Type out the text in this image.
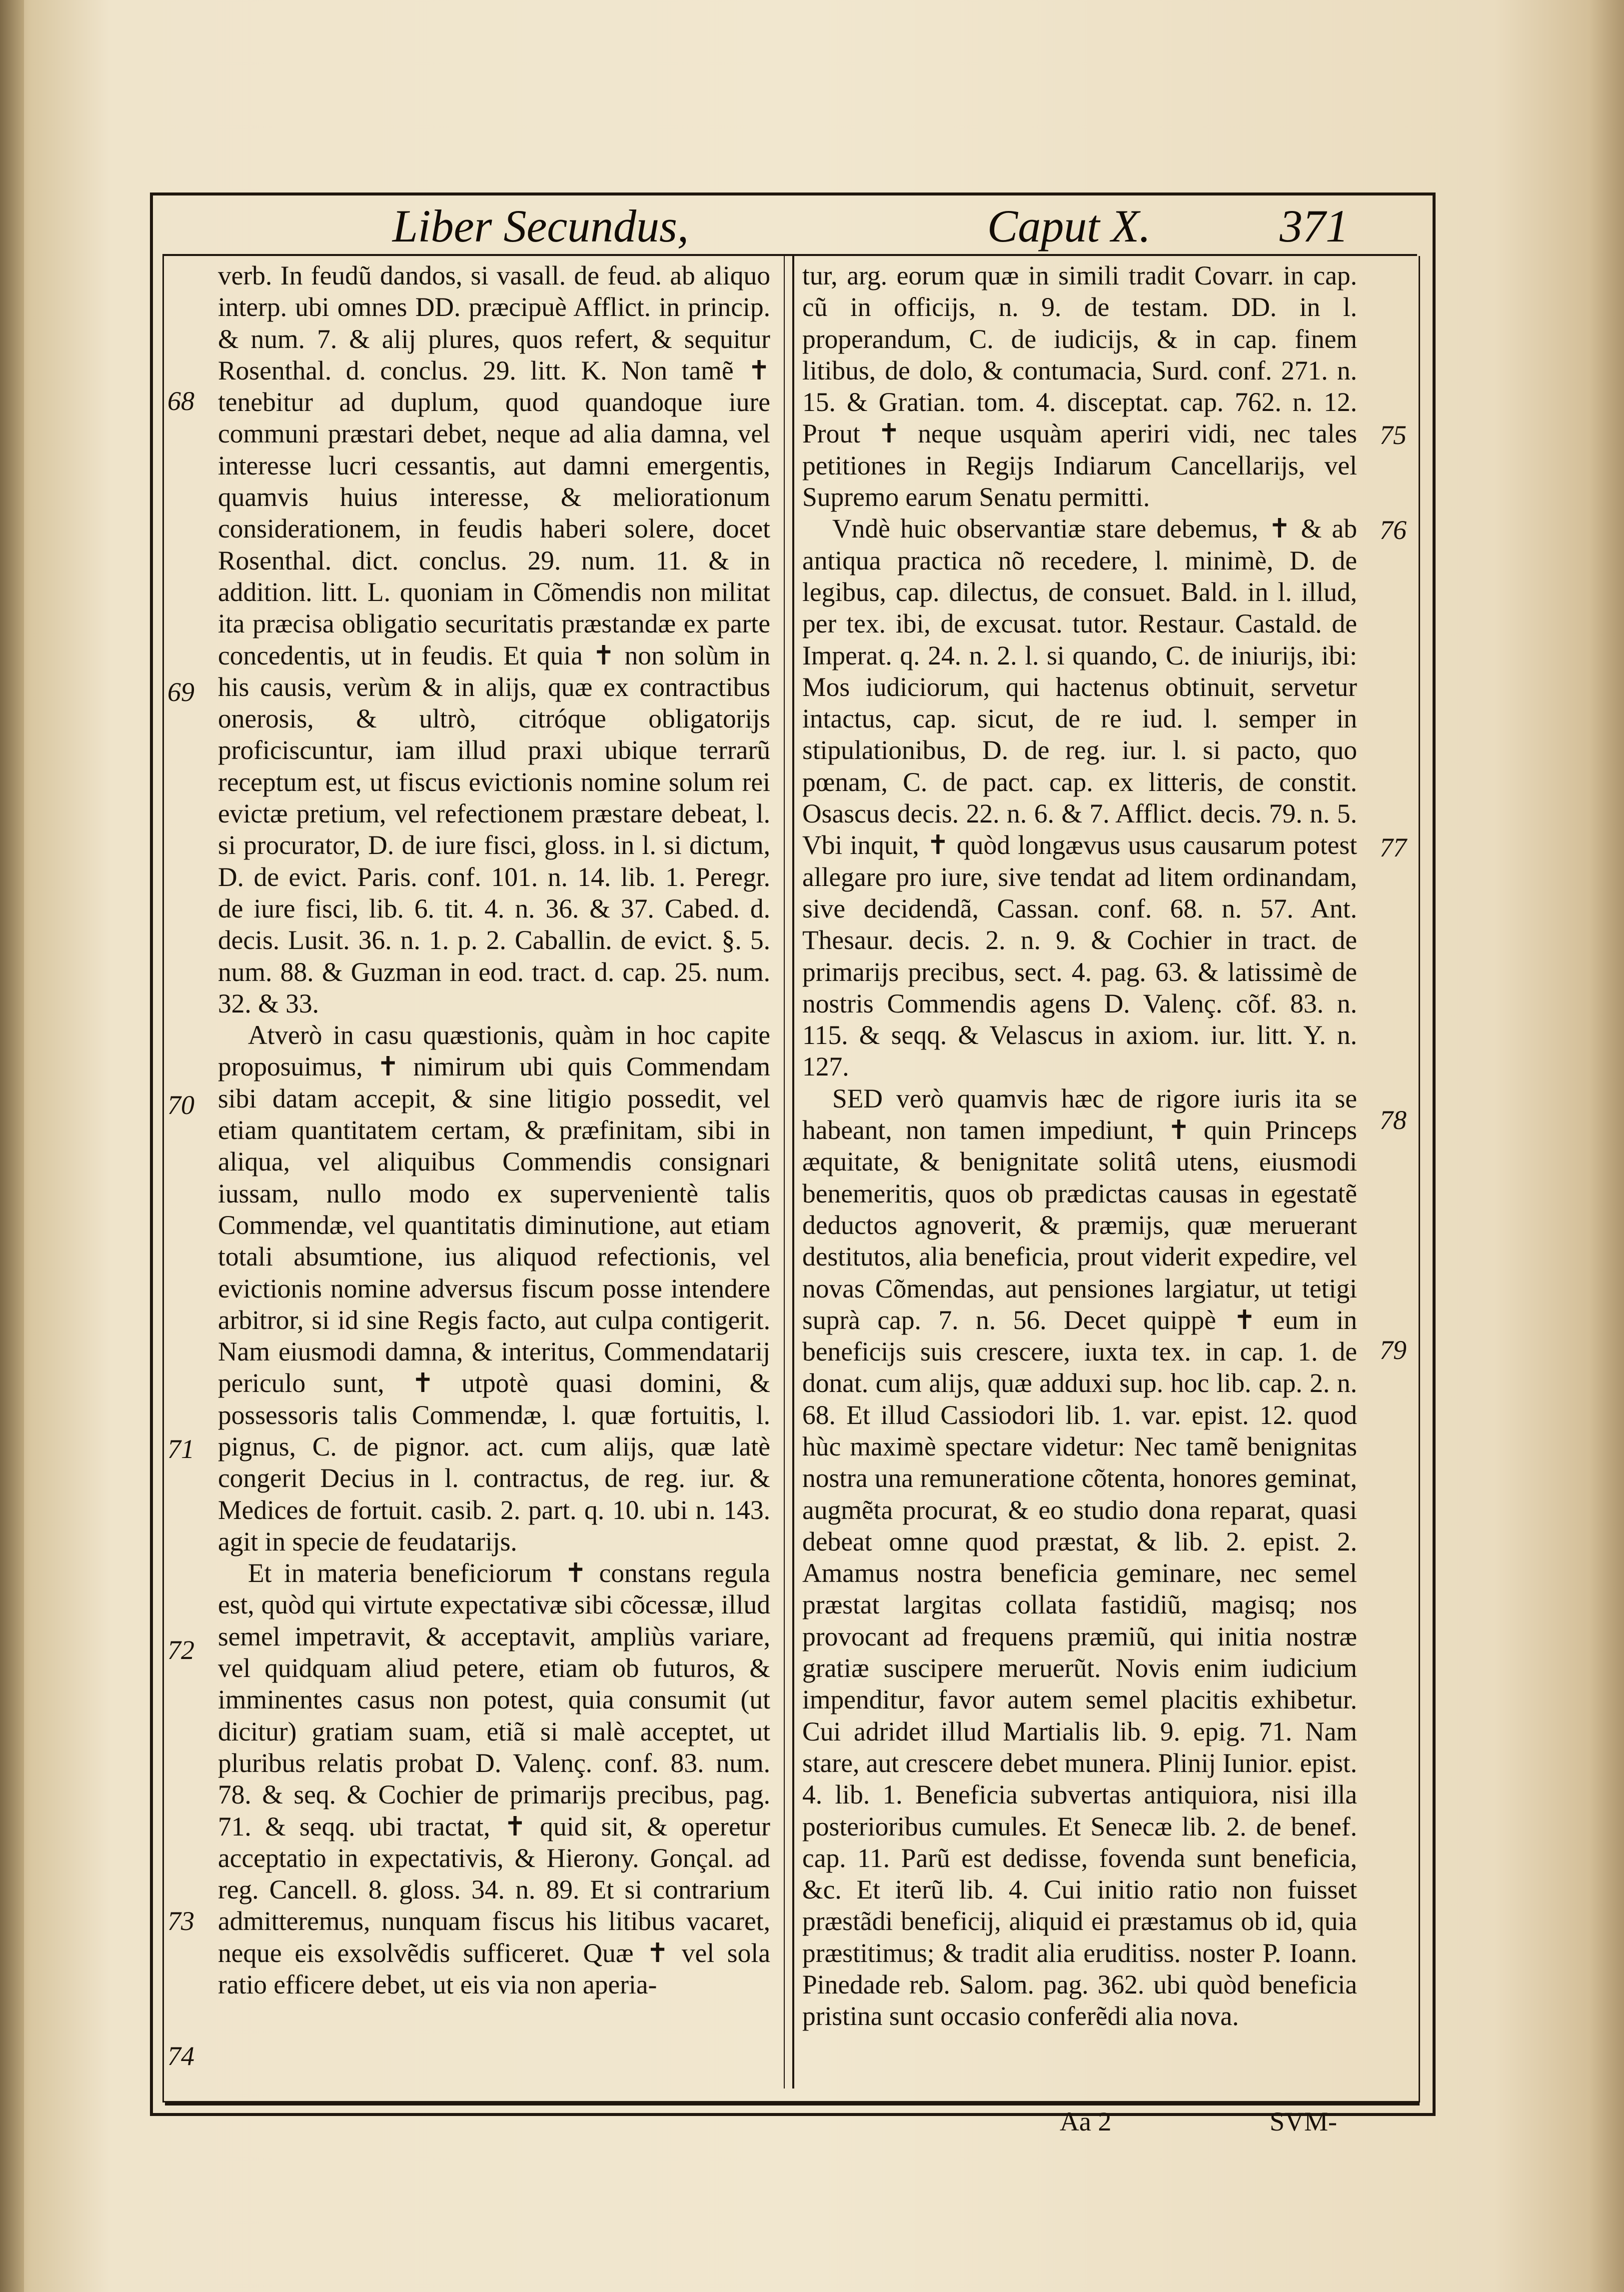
Liber Secundus,	Caput X.	371
68
69
70
71
72
73
74
75
76
77
78
79

verb. In feudũ dandos, si vasall. de feud. ab aliquo interp. ubi omnes DD. præcipuè Afflict. in princip. & num. 7. & alij plures, quos refert, & sequitur Rosenthal. d. conclus. 29. litt. K. Non tamẽ ✝ tenebitur ad duplum, quod quandoque iure communi præstari debet, neque ad alia damna, vel interesse lucri cessantis, aut damni emergentis, quamvis huius interesse, & meliorationum considerationem, in feudis haberi solere, docet Rosenthal. dict. conclus. 29. num. 11. & in addition. litt. L. quoniam in Cõmendis non militat ita præcisa obligatio securitatis præstandæ ex parte concedentis, ut in feudis. Et quia ✝ non solùm in his causis, verùm & in alijs, quæ ex contractibus onerosis, & ultrò, citróque obligatorijs proficiscuntur, iam illud praxi ubique terrarũ receptum est, ut fiscus evictionis nomine solum rei evictæ pretium, vel refectionem præstare debeat, l. si procurator, D. de iure fisci, gloss. in l. si dictum, D. de evict. Paris. conf. 101. n. 14. lib. 1. Peregr. de iure fisci, lib. 6. tit. 4. n. 36. & 37. Cabed. d. decis. Lusit. 36. n. 1. p. 2. Caballin. de evict. §. 5. num. 88. & Guzman in eod. tract. d. cap. 25. num. 32. & 33.

Atverò in casu quæstionis, quàm in hoc capite proposuimus, ✝ nimirum ubi quis Commendam sibi datam accepit, & sine litigio possedit, vel etiam quantitatem certam, & præfinitam, sibi in aliqua, vel aliquibus Commendis consignari iussam, nullo modo ex supervenientè talis Commendæ, vel quantitatis diminutione, aut etiam totali absumtione, ius aliquod refectionis, vel evictionis nomine adversus fiscum posse intendere arbitror, si id sine Regis facto, aut culpa contigerit. Nam eiusmodi damna, & interitus, Commendatarij periculo sunt, ✝ utpotè quasi domini, & possessoris talis Commendæ, l. quæ fortuitis, l. pignus, C. de pignor. act. cum alijs, quæ latè congerit Decius in l. contractus, de reg. iur. & Medices de fortuit. casib. 2. part. q. 10. ubi n. 143. agit in specie de feudatarijs.

Et in materia beneficiorum ✝ constans regula est, quòd qui virtute expectativæ sibi cõcessæ, illud semel impetravit, & acceptavit, ampliùs variare, vel quidquam aliud petere, etiam ob futuros, & imminentes casus non potest, quia consumit (ut dicitur) gratiam suam, etiã si malè acceptet, ut pluribus relatis probat D. Valenç. conf. 83. num. 78. & seq. & Cochier de primarijs precibus, pag. 71. & seqq. ubi tractat, ✝ quid sit, & operetur acceptatio in expectativis, & Hierony. Gonçal. ad reg. Cancell. 8. gloss. 34. n. 89. Et si contrarium admitteremus, nunquam fiscus his litibus vacaret, neque eis exsolvẽdis sufficeret. Quæ ✝ vel sola ratio efficere debet, ut eis via non aperia-

tur, arg. eorum quæ in simili tradit Covarr. in cap. cũ in officijs, n. 9. de testam. DD. in l. properandum, C. de iudicijs, & in cap. finem litibus, de dolo, & contumacia, Surd. conf. 271. n. 15. & Gratian. tom. 4. disceptat. cap. 762. n. 12. Prout ✝ neque usquàm aperiri vidi, nec tales petitiones in Regijs Indiarum Cancellarijs, vel Supremo earum Senatu permitti.

Vndè huic observantiæ stare debemus, ✝ & ab antiqua practica nõ recedere, l. minimè, D. de legibus, cap. dilectus, de consuet. Bald. in l. illud, per tex. ibi, de excusat. tutor. Restaur. Castald. de Imperat. q. 24. n. 2. l. si quando, C. de iniurijs, ibi: Mos iudiciorum, qui hactenus obtinuit, servetur intactus, cap. sicut, de re iud. l. semper in stipulationibus, D. de reg. iur. l. si pacto, quo pœnam, C. de pact. cap. ex litteris, de constit. Osascus decis. 22. n. 6. & 7. Afflict. decis. 79. n. 5. Vbi inquit, ✝ quòd longævus usus causarum potest allegare pro iure, sive tendat ad litem ordinandam, sive decidendã, Cassan. conf. 68. n. 57. Ant. Thesaur. decis. 2. n. 9. & Cochier in tract. de primarijs precibus, sect. 4. pag. 63. & latissimè de nostris Commendis agens D. Valenç. cõf. 83. n. 115. & seqq. & Velascus in axiom. iur. litt. Y. n. 127.

SED verò quamvis hæc de rigore iuris ita se habeant, non tamen impediunt, ✝ quin Princeps æquitate, & benignitate solitâ utens, eiusmodi benemeritis, quos ob prædictas causas in egestatẽ deductos agnoverit, & præmijs, quæ meruerant destitutos, alia beneficia, prout viderit expedire, vel novas Cõmendas, aut pensiones largiatur, ut tetigi suprà cap. 7. n. 56. Decet quippè ✝ eum in beneficijs suis crescere, iuxta tex. in cap. 1. de donat. cum alijs, quæ adduxi sup. hoc lib. cap. 2. n. 68. Et illud Cassiodori lib. 1. var. epist. 12. quod hùc maximè spectare videtur: Nec tamẽ benignitas nostra una remuneratione cõtenta, honores geminat, augmẽta procurat, & eo studio dona reparat, quasi debeat omne quod præstat, & lib. 2. epist. 2. Amamus nostra beneficia geminare, nec semel præstat largitas collata fastidiũ, magisq; nos provocant ad frequens præmiũ, qui initia nostræ gratiæ suscipere meruerũt. Novis enim iudicium impenditur, favor autem semel placitis exhibetur. Cui adridet illud Martialis lib. 9. epig. 71. Nam stare, aut crescere debet munera. Plinij Iunior. epist. 4. lib. 1. Beneficia subvertas antiquiora, nisi illa posterioribus cumules. Et Senecæ lib. 2. de benef. cap. 11. Parũ est dedisse, fovenda sunt beneficia, &c. Et iterũ lib. 4. Cui initio ratio non fuisset præstãdi beneficij, aliquid ei præstamus ob id, quia præstitimus; & tradit alia eruditiss. noster P. Ioann. Pinedade reb. Salom. pag. 362. ubi quòd beneficia pristina sunt occasio conferẽdi alia nova.

Aa 2	SVM-
